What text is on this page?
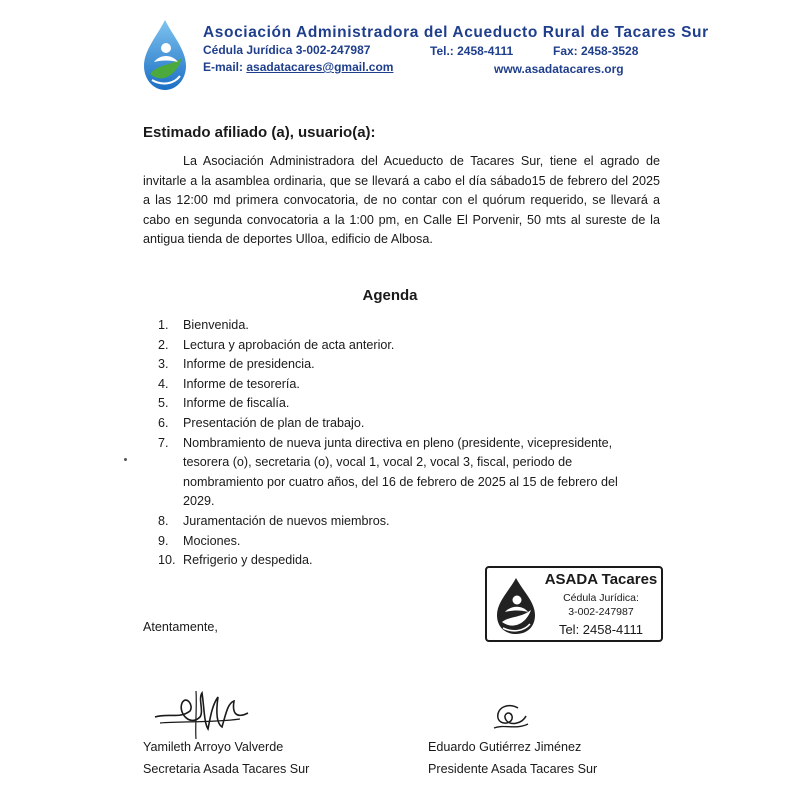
Asociación Administradora del Acueducto Rural de Tacares Sur
Cédula Jurídica 3-002-247987	Tel.: 2458-4111	Fax: 2458-3528
E-mail: asadatacares@gmail.com	www.asadatacares.org
Estimado afiliado (a), usuario(a):
La Asociación Administradora del Acueducto de Tacares Sur, tiene el agrado de invitarle a la asamblea ordinaria, que se llevará a cabo el día sábado15 de febrero del 2025 a las 12:00 md primera convocatoria, de no contar con el quórum requerido, se llevará a cabo en segunda convocatoria a la 1:00 pm, en Calle El Porvenir, 50 mts al sureste de la antigua tienda de deportes Ulloa, edificio de Albosa.
Agenda
1.	Bienvenida.
2.	Lectura y aprobación de acta anterior.
3.	Informe de presidencia.
4.	Informe de tesorería.
5.	Informe de fiscalía.
6.	Presentación de plan de trabajo.
7.	Nombramiento de nueva junta directiva en pleno (presidente, vicepresidente, tesorera (o), secretaria (o), vocal 1, vocal 2, vocal 3, fiscal, periodo de nombramiento por cuatro años, del 16 de febrero de 2025 al 15 de febrero del 2029.
8.	Juramentación de nuevos miembros.
9.	Mociones.
10. Refrigerio y despedida.
ASADA Tacares
Cédula Jurídica:
3-002-247987
Tel: 2458-4111
Atentamente,
Yamileth Arroyo Valverde
Secretaria Asada Tacares Sur
Eduardo Gutiérrez Jiménez
Presidente Asada Tacares Sur
